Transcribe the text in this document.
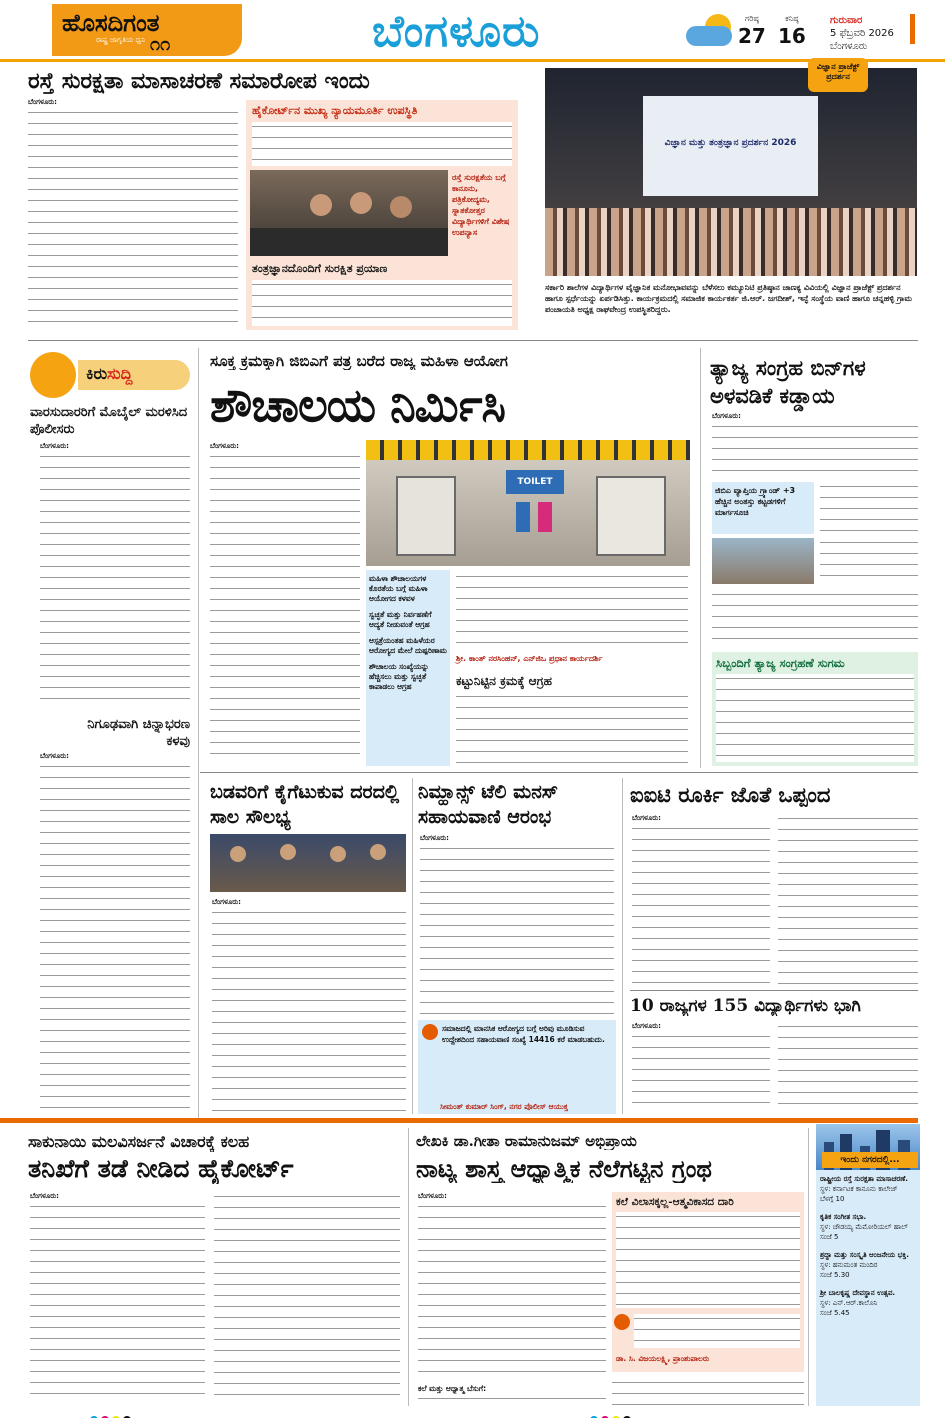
ಹೊಸದಿಗಂತ
ರಾಷ್ಟ್ರ ಜಾಗೃತಿಯ ಧ್ವನಿ ೧೧	ಬೆಂಗಳೂರು	ಗರಿಷ್ಠ
27
ಕನಿಷ್ಠ
16
ಗುರುವಾರ
5 ಫೆಬ್ರವರಿ 2026
ಬೆಂಗಳೂರು
ರಸ್ತೆ ಸುರಕ್ಷತಾ ಮಾಸಾಚರಣೆ ಸಮಾರೋಪ ಇಂದು
ಬೆಂಗಳೂರು:
ಹೈಕೋರ್ಟ್‌ನ ಮುಖ್ಯ ನ್ಯಾಯಮೂರ್ತಿ ಉಪಸ್ಥಿತಿ
ರಸ್ತೆ ಸುರಕ್ಷತೆಯ ಬಗ್ಗೆ ಕಾನೂನು, ಪತ್ರಿಕೋದ್ಯಮ, ಸ್ನಾತಕೋತ್ತರ ವಿದ್ಯಾರ್ಥಿಗಳಿಗೆ ವಿಶೇಷ ಉಪನ್ಯಾಸ
ತಂತ್ರಜ್ಞಾನದೊಂದಿಗೆ ಸುರಕ್ಷಿತ ಪ್ರಯಾಣ
ವಿಜ್ಞಾನ ಮತ್ತು ತಂತ್ರಜ್ಞಾನ ಪ್ರದರ್ಶನ 2026
ವಿಜ್ಞಾನ ಪ್ರಾಜೆಕ್ಟ್ ಪ್ರದರ್ಶನ
ಸರ್ಕಾರಿ ಶಾಲೆಗಳ ವಿದ್ಯಾರ್ಥಿಗಳ ವೈಜ್ಞಾನಿಕ ಮನೋಭಾವವನ್ನು ಬೆಳೆಸಲು ಕಮ್ಯೂನಿಟಿ ಪ್ರತಿಷ್ಠಾನ ಚಾಣಕ್ಯ ವಿವಿಯಲ್ಲಿ ವಿಜ್ಞಾನ ಪ್ರಾಜೆಕ್ಟ್ ಪ್ರದರ್ಶನ ಹಾಗೂ ಸ್ಪರ್ಧೆಯನ್ನು ಏರ್ಪಡಿಸಿತ್ತು. ಕಾರ್ಯಕ್ರಮದಲ್ಲಿ ಸಮಾಜಿಕ ಕಾರ್ಯಕರ್ತ ಜಿ.ಆರ್. ಜಗದೀಶ್, ಇನ್ಫೆ ಸಂಸ್ಥೆಯ ವಾಣಿ ಹಾಗೂ ಚನ್ನಹಳ್ಳಿ ಗ್ರಾಮ ಪಂಚಾಯತಿ ಅಧ್ಯಕ್ಷ ರಾಘವೇಂದ್ರ ಉಪಸ್ಥಿತರಿದ್ದರು.
ಕಿರುಸುದ್ದಿ
ವಾರಸುದಾರರಿಗೆ ಮೊಬೈಲ್ ಮರಳಿಸಿದ ಪೊಲೀಸರು
ಬೆಂಗಳೂರು:
ನಿಗೂಢವಾಗಿ ಚಿನ್ನಾಭರಣ ಕಳವು
ಬೆಂಗಳೂರು:
ಸೂಕ್ತ ಕ್ರಮಕ್ಕಾಗಿ ಜಿಬಿಎಗೆ ಪತ್ರ ಬರೆದ ರಾಜ್ಯ ಮಹಿಳಾ ಆಯೋಗ
ಶೌಚಾಲಯ ನಿರ್ಮಿಸಿ
ಬೆಂಗಳೂರು:
TOILET
ಮಹಿಳಾ ಶೌಚಾಲಯಗಳ ಕೊರತೆಯ ಬಗ್ಗೆ ಮಹಿಳಾ ಆಯೋಗದ ಕಳವಳ
ಸ್ವಚ್ಛತೆ ಮತ್ತು ನಿರ್ವಹಣೆಗೆ ಆದ್ಯತೆ ನೀಡುವಂತೆ ಆಗ್ರಹ
ಆಸ್ಪತ್ರೆಯಂತಹ ಮಹಿಳೆಯರ ಆರೋಗ್ಯದ ಮೇಲೆ ದುಷ್ಪರಿಣಾಮ
ಶೌಚಾಲಯ ಸಂಖ್ಯೆಯನ್ನು ಹೆಚ್ಚಿಸಲು ಮತ್ತು ಸ್ವಚ್ಛತೆ ಕಾಪಾಡಲು ಆಗ್ರಹ
ಶ್ರೀ. ಕಾಂತ್ ನರಸಿಂಹನ್, ಎನ್‌ಜಿಒ ಪ್ರಧಾನ ಕಾರ್ಯದರ್ಶಿ
ಕಟ್ಟುನಿಟ್ಟಿನ ಕ್ರಮಕ್ಕೆ ಆಗ್ರಹ
ತ್ಯಾಜ್ಯ ಸಂಗ್ರಹ ಬಿನ್‌ಗಳ ಅಳವಡಿಕೆ ಕಡ್ಡಾಯ
ಬೆಂಗಳೂರು:
ಜಿಬಿಎ ವ್ಯಾಪ್ತಿಯ ಗ್ರ್ಯಾಂಡ್ +3 ಹೆಚ್ಚಿನ ಅಂತಸ್ತು ಕಟ್ಟಡಗಳಿಗೆ ಮಾರ್ಗಸೂಚಿ
ಸಿಬ್ಬಂದಿಗೆ ತ್ಯಾಜ್ಯ ಸಂಗ್ರಹಣೆ ಸುಗಮ
ಬಡವರಿಗೆ ಕೈಗೆಟುಕುವ ದರದಲ್ಲಿ ಸಾಲ ಸೌಲಭ್ಯ
ಬೆಂಗಳೂರು:
ನಿಮ್ಹಾನ್ಸ್ ಟೆಲಿ ಮನಸ್ ಸಹಾಯವಾಣಿ ಆರಂಭ
ಬೆಂಗಳೂರು:
ಸಮಾಜದಲ್ಲಿ ಮಾನಸಿಕ ಆರೋಗ್ಯದ ಬಗ್ಗೆ ಅರಿವು ಮೂಡಿಸುವ ಉದ್ದೇಶದಿಂದ ಸಹಾಯವಾಣಿ ಸಂಖ್ಯೆ 14416 ಕರೆ ಮಾಡಬಹುದು.
ಸೀಮಂತ್ ಕುಮಾರ್ ಸಿಂಗ್, ನಗರ ಪೊಲೀಸ್ ಆಯುಕ್ತ
ಐಐಟಿ ರೂರ್ಕಿ ಜೊತೆ ಒಪ್ಪಂದ
ಬೆಂಗಳೂರು:
10 ರಾಜ್ಯಗಳ 155 ವಿದ್ಯಾರ್ಥಿಗಳು ಭಾಗಿ
ಬೆಂಗಳೂರು:
ಸಾಕುನಾಯಿ ಮಲವಿಸರ್ಜನೆ ವಿಚಾರಕ್ಕೆ ಕಲಹ
ತನಿಖೆಗೆ ತಡೆ ನೀಡಿದ ಹೈಕೋರ್ಟ್
ಬೆಂಗಳೂರು:
ಲೇಖಕಿ ಡಾ.ಗೀತಾ ರಾಮಾನುಜಮ್ ಅಭಿಪ್ರಾಯ
ನಾಟ್ಯ ಶಾಸ್ತ್ರ ಆಧ್ಯಾತ್ಮಿಕ ನೆಲೆಗಟ್ಟಿನ ಗ್ರಂಥ
ಬೆಂಗಳೂರು:
ಕಲೆ ಮತ್ತು ಆಧ್ಯಾತ್ಮ ಬೆಸುಗೆ:
ಕಲೆ ವಿಲಾಸಕ್ಕಲ್ಲ-ಆತ್ಮವಿಕಾಸದ ದಾರಿ
ಡಾ. ಸಿ. ವಿಜಯಲಕ್ಷ್ಮಿ, ಪ್ರಾಂಶುಪಾಲರು
ಇಂದು ನಗರದಲ್ಲಿ...
ರಾಷ್ಟ್ರೀಯ ರಸ್ತೆ ಸುರಕ್ಷತಾ ಮಾಸಾಚರಣೆ.
ಸ್ಥಳ: ಕರ್ನಾಟಕ ಕಾನೂನು ಕಾಲೇಜ್
ಬೆಳಗ್ಗೆ 10
ಕೃತಿಕ ಸಂಗೀತ ಸಭಾ.
ಸ್ಥಳ: ಚೌಡಯ್ಯ ಮೆಮೋರಿಯಲ್ ಹಾಲ್
ಸಂಜೆ 5
ಶ್ರದ್ಧಾ ಮತ್ತು ಸಂಸ್ಕೃತಿ ಆಂಜನೇಯ ಭಕ್ತಿ.
ಸ್ಥಳ: ಹನುಮಂತ ಮಂದಿರ
ಸಂಜೆ 5.30
ಶ್ರೀ ಬಾಲಕೃಷ್ಣ ದೇವಸ್ಥಾನ ಉತ್ಸವ.
ಸ್ಥಳ: ಎನ್.ಆರ್.ಕಾಲೊನಿ
ಸಂಜೆ 5.45
